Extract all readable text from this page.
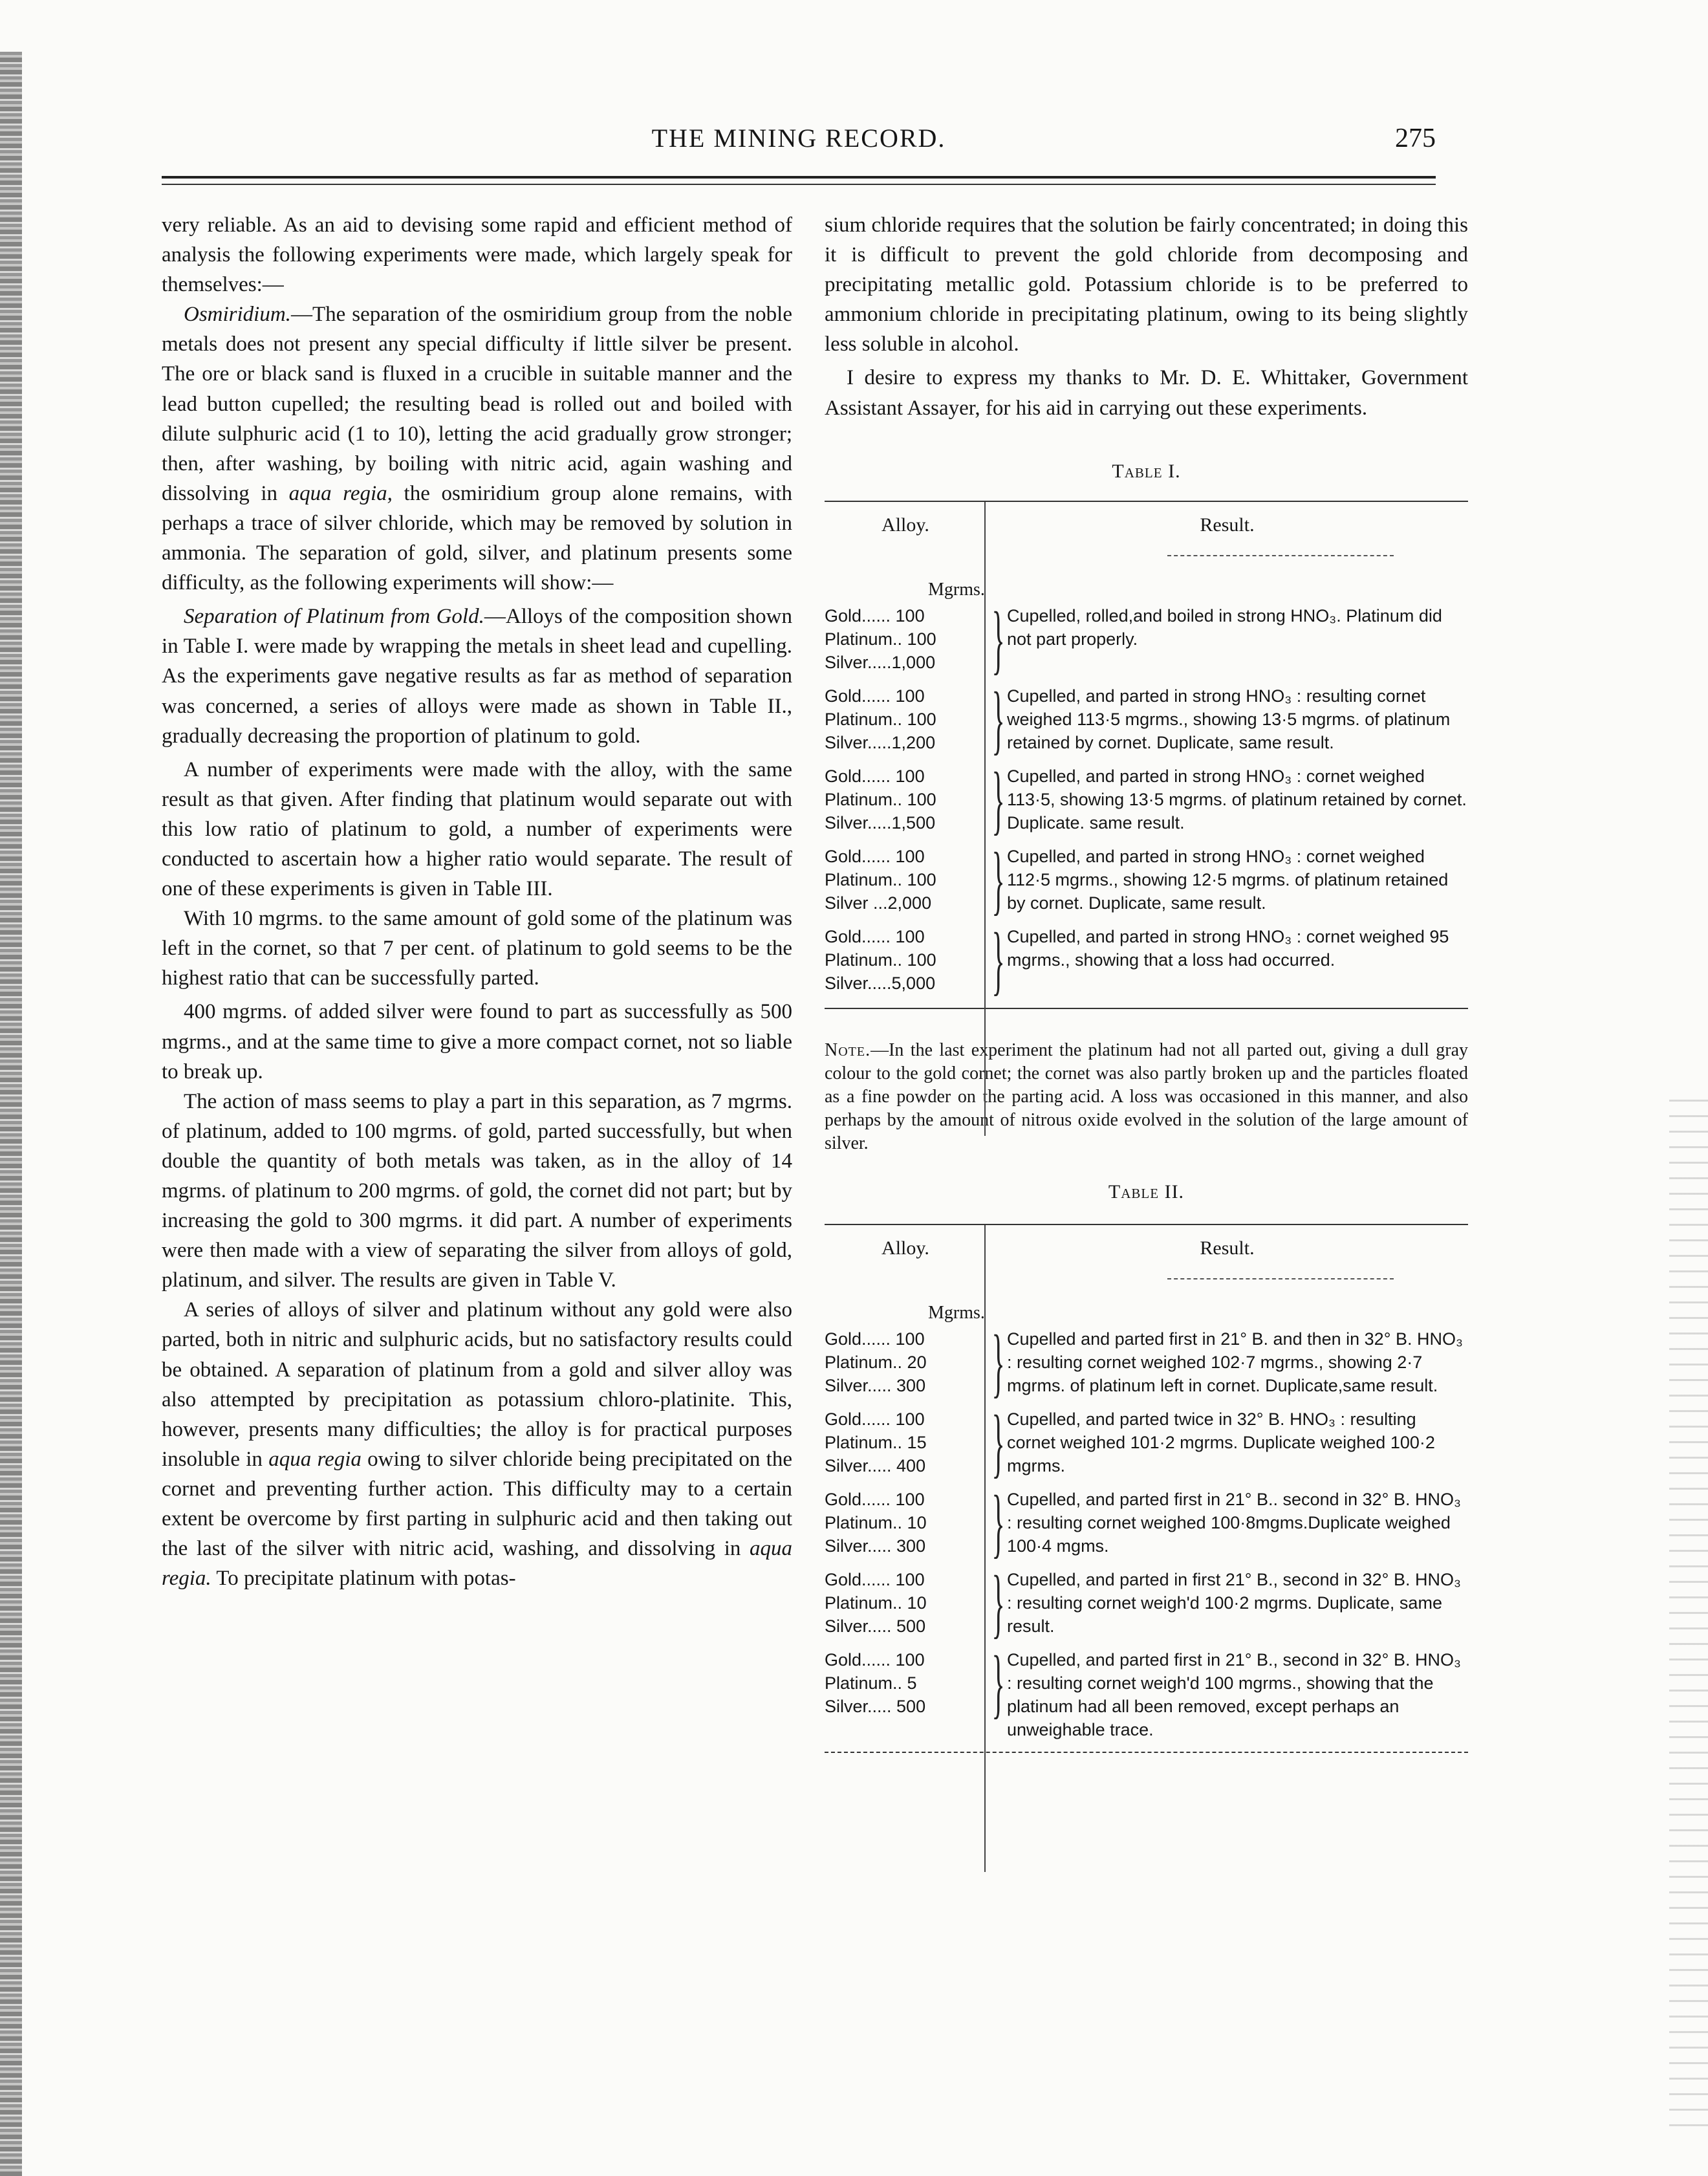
THE MINING RECORD.	275

very reliable. As an aid to devising some rapid and efficient method of analysis the following experiments were made, which largely speak for themselves:—

Osmiridium.—The separation of the osmiridium group from the noble metals does not present any special difficulty if little silver be present. The ore or black sand is fluxed in a crucible in suitable manner and the lead button cupelled; the resulting bead is rolled out and boiled with dilute sulphuric acid (1 to 10), letting the acid gradually grow stronger; then, after washing, by boiling with nitric acid, again washing and dissolving in aqua regia, the osmiridium group alone remains, with perhaps a trace of silver chloride, which may be removed by solution in ammonia. The separation of gold, silver, and platinum presents some difficulty, as the following experiments will show:—

Separation of Platinum from Gold.—Alloys of the composition shown in Table I. were made by wrapping the metals in sheet lead and cupelling. As the experiments gave negative results as far as method of separation was concerned, a series of alloys were made as shown in Table II., gradually decreasing the proportion of platinum to gold.

A number of experiments were made with the alloy, with the same result as that given. After finding that platinum would separate out with this low ratio of platinum to gold, a number of experiments were conducted to ascertain how a higher ratio would separate. The result of one of these experiments is given in Table III.

With 10 mgrms. to the same amount of gold some of the platinum was left in the cornet, so that 7 per cent. of platinum to gold seems to be the highest ratio that can be successfully parted.

400 mgrms. of added silver were found to part as successfully as 500 mgrms., and at the same time to give a more compact cornet, not so liable to break up.

The action of mass seems to play a part in this separation, as 7 mgrms. of platinum, added to 100 mgrms. of gold, parted successfully, but when double the quantity of both metals was taken, as in the alloy of 14 mgrms. of platinum to 200 mgrms. of gold, the cornet did not part; but by increasing the gold to 300 mgrms. it did part. A number of experiments were then made with a view of separating the silver from alloys of gold, platinum, and silver. The results are given in Table V.

A series of alloys of silver and platinum without any gold were also parted, both in nitric and sulphuric acids, but no satisfactory results could be obtained. A separation of platinum from a gold and silver alloy was also attempted by precipitation as potassium chloro-platinite. This, however, presents many difficulties; the alloy is for practical purposes insoluble in aqua regia owing to silver chloride being precipitated on the cornet and preventing further action. This difficulty may to a certain extent be overcome by first parting in sulphuric acid and then taking out the last of the silver with nitric acid, washing, and dissolving in aqua regia. To precipitate platinum with potas-

sium chloride requires that the solution be fairly concentrated; in doing this it is difficult to prevent the gold chloride from decomposing and precipitating metallic gold. Potassium chloride is to be preferred to ammonium chloride in precipitating platinum, owing to its being slightly less soluble in alcohol.

I desire to express my thanks to Mr. D. E. Whittaker, Government Assistant Assayer, for his aid in carrying out these experiments.

Table I.
Alloy.	Result.
Mgrms.
Gold...... 100
Platinum.. 100
Silver.....1,000 } Cupelled, rolled,and boiled in strong HNO₃. Platinum did not part properly.
Gold...... 100
Platinum.. 100
Silver.....1,200 } Cupelled, and parted in strong HNO₃ : resulting cornet weighed 113·5 mgrms., showing 13·5 mgrms. of platinum retained by cornet. Duplicate, same result.
Gold...... 100
Platinum.. 100
Silver.....1,500 } Cupelled, and parted in strong HNO₃ : cornet weighed 113·5, showing 13·5 mgrms. of platinum retained by cornet. Duplicate. same result.
Gold...... 100
Platinum.. 100
Silver ...2,000 } Cupelled, and parted in strong HNO₃ : cornet weighed 112·5 mgrms., showing 12·5 mgrms. of platinum retained by cornet. Duplicate, same result.
Gold...... 100
Platinum.. 100
Silver.....5,000 } Cupelled, and parted in strong HNO₃ : cornet weighed 95 mgrms., showing that a loss had occurred.
Note.—In the last experiment the platinum had not all parted out, giving a dull gray colour to the gold cornet; the cornet was also partly broken up and the particles floated as a fine powder on the parting acid. A loss was occasioned in this manner, and also perhaps by the amount of nitrous oxide evolved in the solution of the large amount of silver.
Table II.
Alloy.	Result.
Mgrms.
Gold...... 100
Platinum.. 20
Silver..... 300 } Cupelled and parted first in 21° B. and then in 32° B. HNO₃ : resulting cornet weighed 102·7 mgrms., showing 2·7 mgrms. of platinum left in cornet. Duplicate,same result.
Gold...... 100
Platinum.. 15
Silver..... 400 } Cupelled, and parted twice in 32° B. HNO₃ : resulting cornet weighed 101·2 mgrms. Duplicate weighed 100·2 mgrms.
Gold...... 100
Platinum.. 10
Silver..... 300 } Cupelled, and parted first in 21° B.. second in 32° B. HNO₃ : resulting cornet weighed 100·8mgms.Duplicate weighed 100·4 mgms.
Gold...... 100
Platinum.. 10
Silver..... 500 } Cupelled, and parted in first 21° B., second in 32° B. HNO₃ : resulting cornet weigh'd 100·2 mgrms. Duplicate, same result.
Gold...... 100
Platinum.. 5
Silver..... 500 } Cupelled, and parted first in 21° B., second in 32° B. HNO₃ : resulting cornet weigh'd 100 mgrms., showing that the platinum had all been removed, except perhaps an unweighable trace.
